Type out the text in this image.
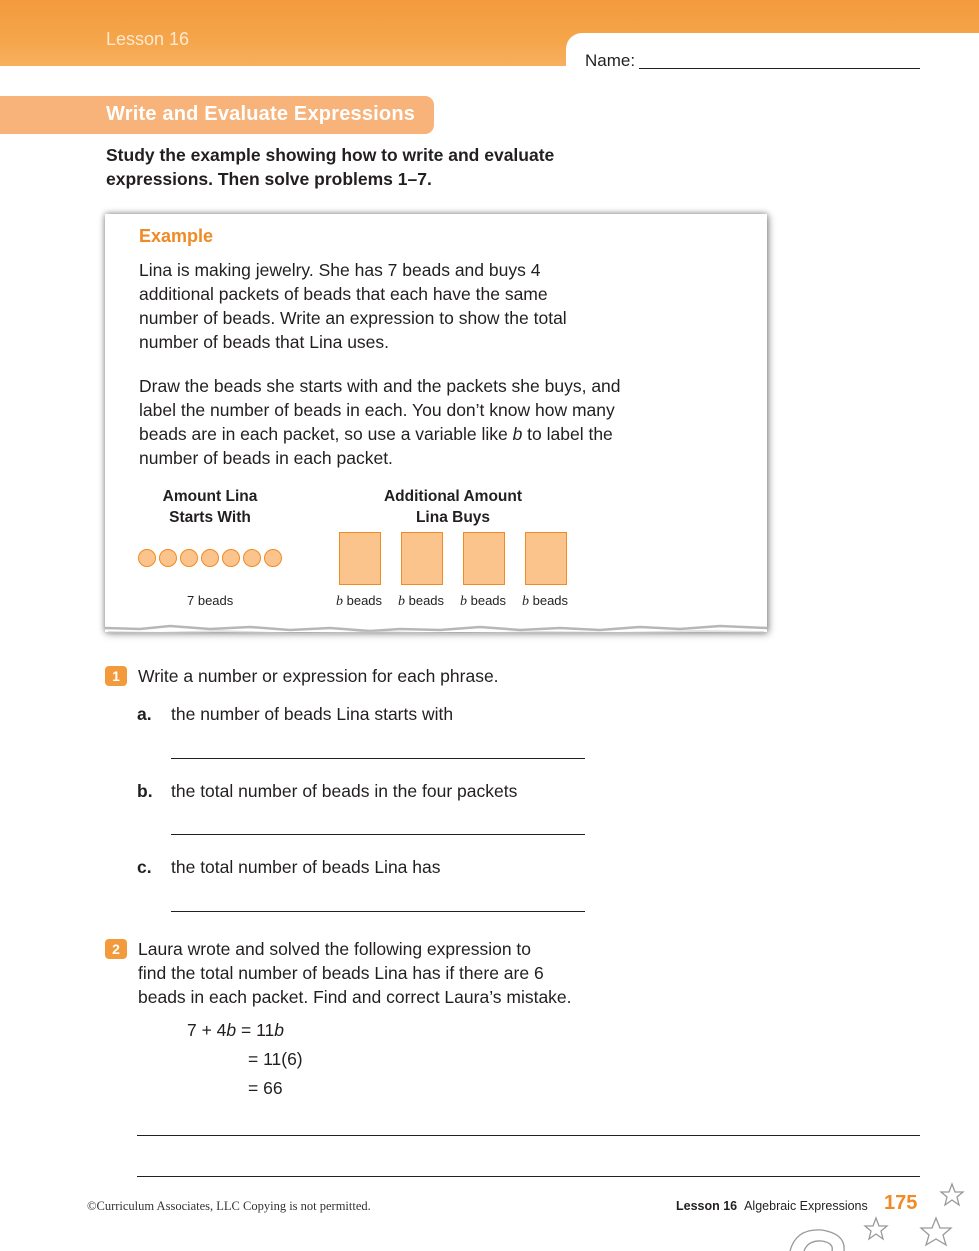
Lesson 16
Name:
Write and Evaluate Expressions
Study the example showing how to write and evaluate expressions. Then solve problems 1–7.
Example
Lina is making jewelry. She has 7 beads and buys 4 additional packets of beads that each have the same number of beads. Write an expression to show the total number of beads that Lina uses.
Draw the beads she starts with and the packets she buys, and label the number of beads in each. You don’t know how many beads are in each packet, so use a variable like b to label the number of beads in each packet.
Amount Lina
Starts With
Additional Amount
Lina Buys
7 beads	b beads b beads b beads b beads
1	Write a number or expression for each phrase.
a. the number of beads Lina starts with
b. the total number of beads in the four packets
c. the total number of beads Lina has
2	Laura wrote and solved the following expression to
find the total number of beads Lina has if there are 6
beads in each packet. Find and correct Laura’s mistake.
7 + 4b = 11b
= 11(6)
= 66
©Curriculum Associates, LLC Copying is not permitted.	Lesson 16 Algebraic Expressions 175
